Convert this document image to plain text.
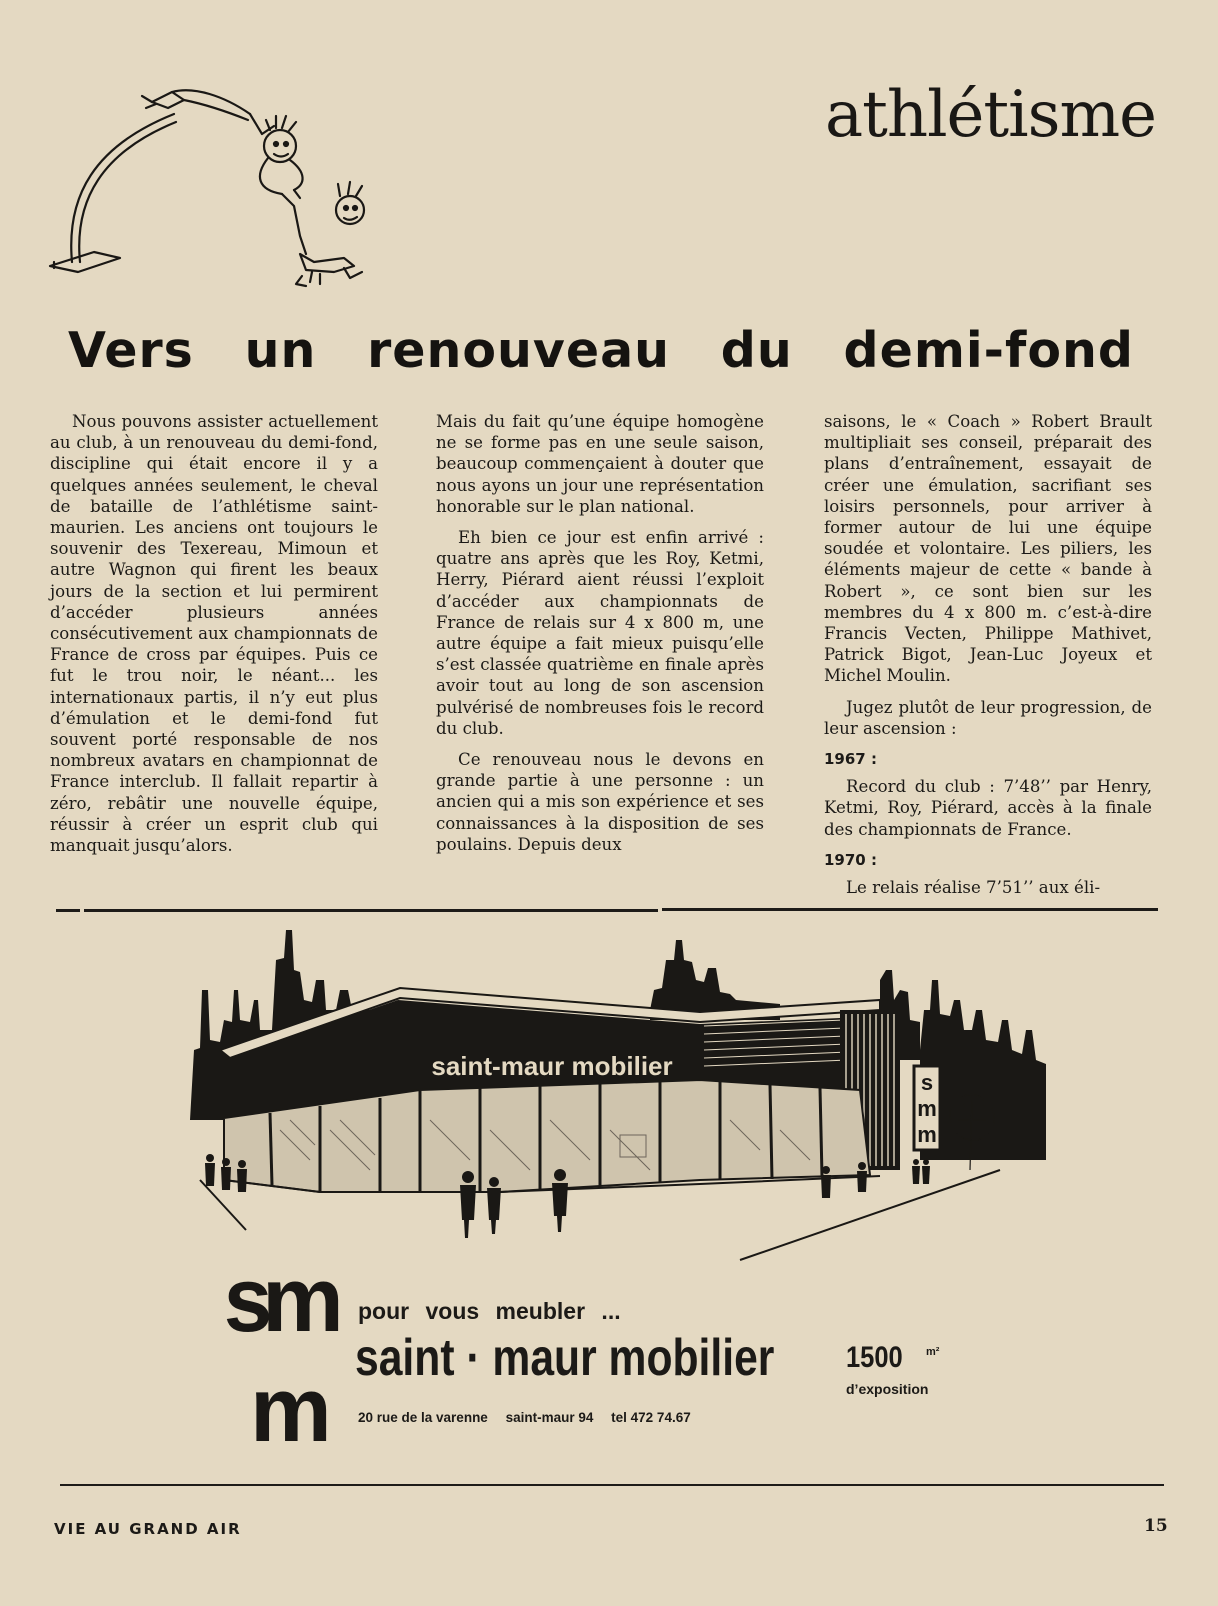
athlétisme
Vers un renouveau du demi-fond

Nous pouvons assister actuellement au club, à un renouveau du demi-fond, discipline qui était encore il y a quelques années seulement, le cheval de bataille de l’athlétisme saint-maurien. Les anciens ont toujours le souvenir des Texereau, Mimoun et autre Wagnon qui firent les beaux jours de la section et lui permirent d’accéder plusieurs années consécutivement aux championnats de France de cross par équipes. Puis ce fut le trou noir, le néant... les internationaux partis, il n’y eut plus d’émulation et le demi-fond fut souvent porté responsable de nos nombreux avatars en championnat de France interclub. Il fallait repartir à zéro, rebâtir une nouvelle équipe, réussir à créer un esprit club qui manquait jusqu’alors.

Mais du fait qu’une équipe homogène ne se forme pas en une seule saison, beaucoup commençaient à douter que nous ayons un jour une représentation honorable sur le plan national.

Eh bien ce jour est enfin arrivé : quatre ans après que les Roy, Ketmi, Herry, Piérard aient réussi l’exploit d’accéder aux championnats de France de relais sur 4 x 800 m, une autre équipe a fait mieux puisqu’elle s’est classée quatrième en finale après avoir tout au long de son ascension pulvérisé de nombreuses fois le record du club.

Ce renouveau nous le devons en grande partie à une personne : un ancien qui a mis son expérience et ses connaissances à la disposition de ses poulains. Depuis deux

saisons, le « Coach » Robert Brault multipliait ses conseil, préparait des plans d’entraînement, essayait de créer une émulation, sacrifiant ses loisirs personnels, pour arriver à former autour de lui une équipe soudée et volontaire. Les piliers, les éléments majeur de cette « bande à Robert », ce sont bien sur les membres du 4 x 800 m. c’est-à-dire Francis Vecten, Philippe Mathivet, Patrick Bigot, Jean-Luc Joyeux et Michel Moulin.

Jugez plutôt de leur progression, de leur ascension :

1967 :

Record du club : 7’48’’ par Henry, Ketmi, Roy, Piérard, accès à la finale des championnats de France.

1970 :

Le relais réalise 7’51’’ aux éli-

s
m
m
saint-maur mobilier
s
m
m
pour vous meubler ...
saint · maur mobilier 1500 m²
d’exposition
20 rue de la varenne saint-maur 94 tel 472 74.67
VIE AU GRAND AIR	15
